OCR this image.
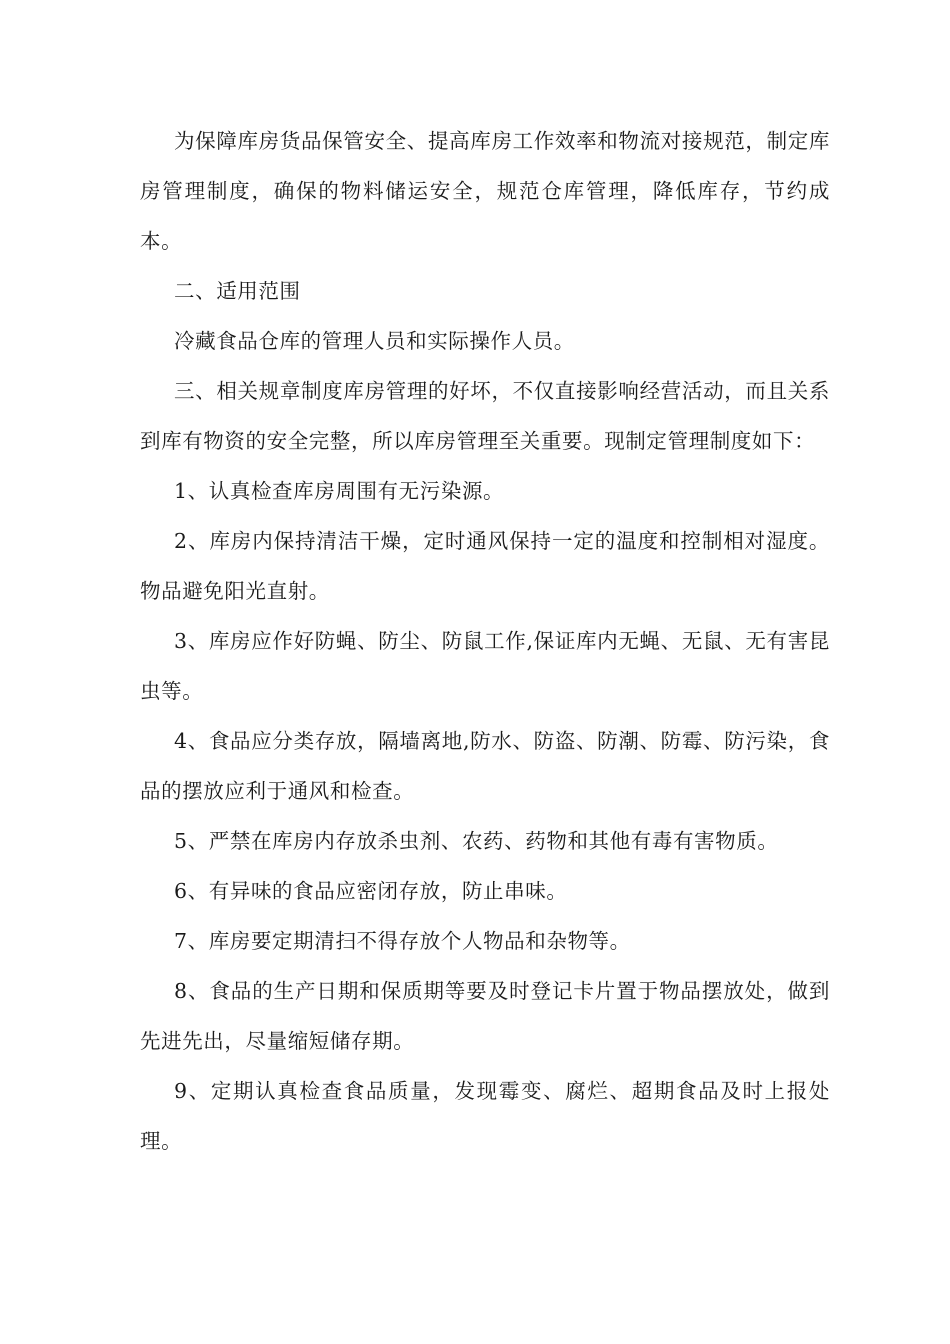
为保障库房货品保管安全、提高库房工作效率和物流对接规范，制定库房管理制度，确保的物料储运安全，规范仓库管理，降低库存，节约成本。

二、适用范围

冷藏食品仓库的管理人员和实际操作人员。

三、相关规章制度库房管理的好坏，不仅直接影响经营活动，而且关系到库有物资的安全完整，所以库房管理至关重要。现制定管理制度如下：

1、认真检查库房周围有无污染源。

2、库房内保持清洁干燥，定时通风保持一定的温度和控制相对湿度。物品避免阳光直射。

3、库房应作好防蝇、防尘、防鼠工作,保证库内无蝇、无鼠、无有害昆虫等。

4、食品应分类存放，隔墙离地,防水、防盗、防潮、防霉、防污染，食品的摆放应利于通风和检查。

5、严禁在库房内存放杀虫剂、农药、药物和其他有毒有害物质。

6、有异味的食品应密闭存放，防止串味。

7、库房要定期清扫不得存放个人物品和杂物等。

8、食品的生产日期和保质期等要及时登记卡片置于物品摆放处，做到先进先出，尽量缩短储存期。

9、定期认真检查食品质量，发现霉变、腐烂、超期食品及时上报处理。
